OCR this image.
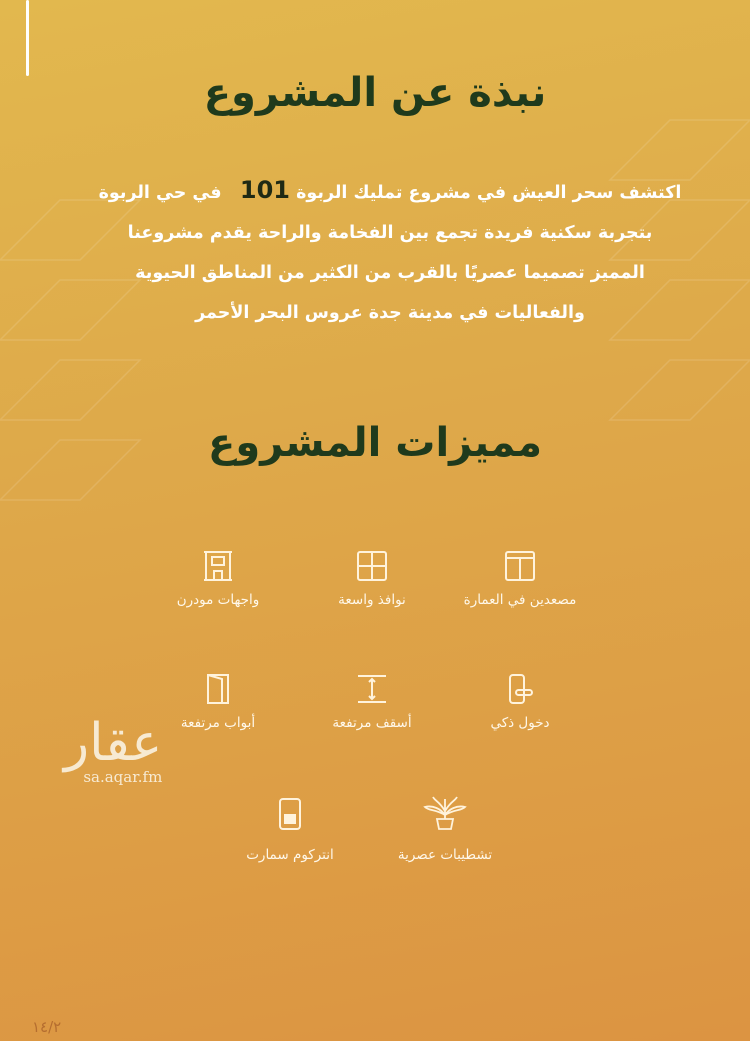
نبذة عن المشروع
اكتشف سحر العيش في مشروع تمليك الربوة 101   في حي الربوة
بتجربة سكنية فريدة تجمع بين الفخامة والراحة يقدم مشروعنا
المميز تصميما عصريًا بالقرب من الكثير من المناطق الحيوية
والفعاليات في مدينة جدة عروس البحر الأحمر
مميزات المشروع
مصعدين في العمارة
نوافذ واسعة
واجهات مودرن
دخول ذكي
أسقف مرتفعة
أبواب مرتفعة
تشطيبات عصرية
انتركوم سمارت
عقار
sa.aqar.fm
١٤/٢
